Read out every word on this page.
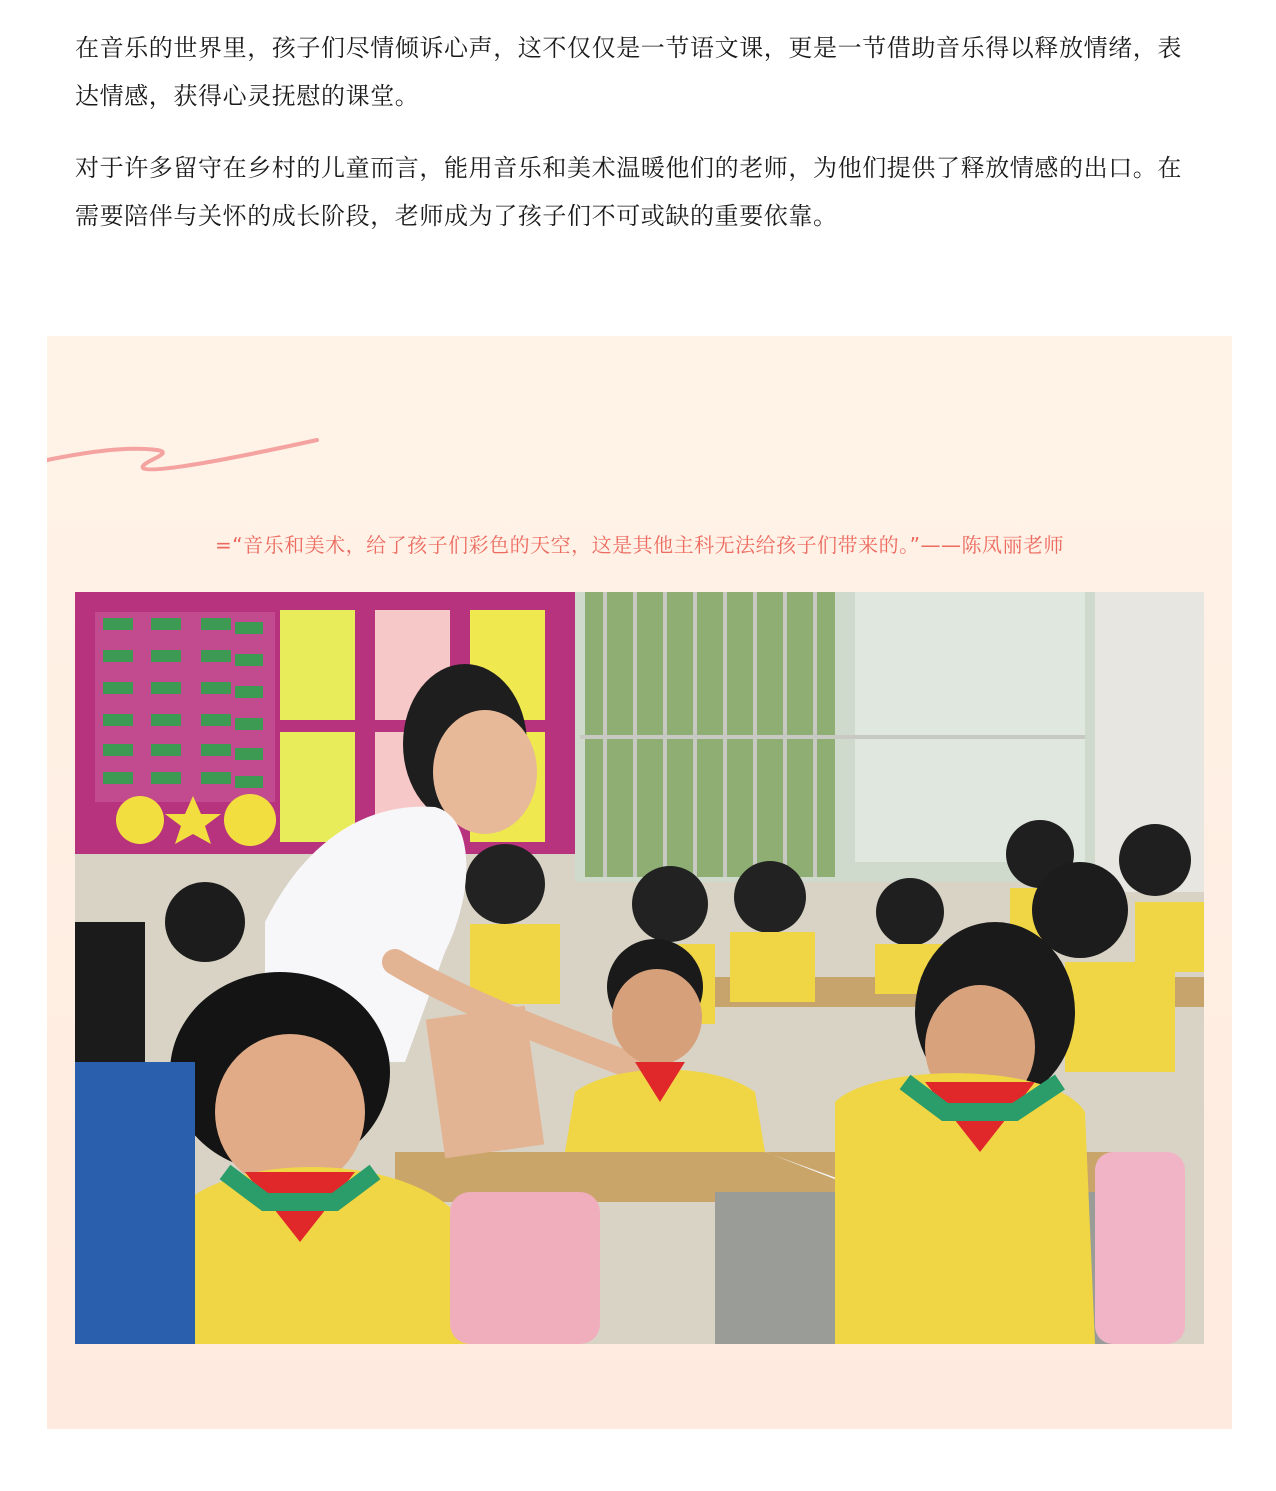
在音乐的世界里，孩子们尽情倾诉心声，这不仅仅是一节语文课，更是一节借助音乐得以释放情绪，表达情感，获得心灵抚慰的课堂。

对于许多留守在乡村的儿童而言，能用音乐和美术温暖他们的老师，为他们提供了释放情感的出口。在需要陪伴与关怀的成长阶段，老师成为了孩子们不可或缺的重要依靠。

=“音乐和美术，给了孩子们彩色的天空，这是其他主科无法给孩子们带来的。”——陈凤丽老师
